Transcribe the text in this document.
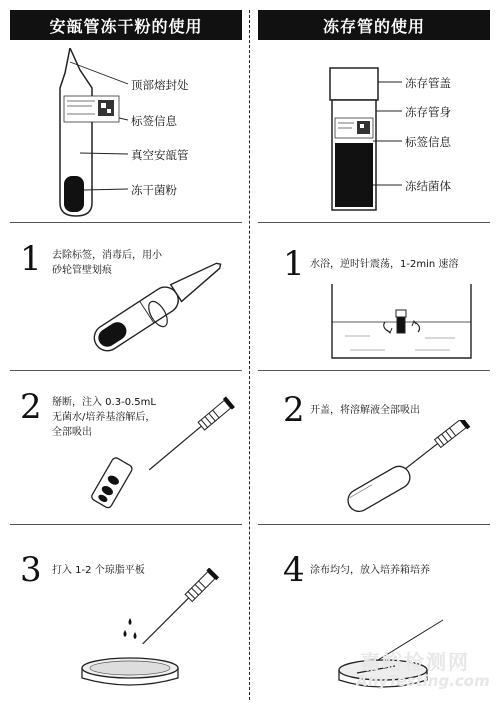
安瓿管冻干粉的使用	冻存管的使用
顶部熔封处
标签信息
真空安瓿管
冻干菌粉
冻存管盖
冻存管身
标签信息
冻结菌体
1 去除标签，消毒后，用小
砂轮管壁划痕	1 水浴，逆时针震荡，1-2min 速溶
2 掰断，注入 0.3-0.5mL
无菌水/培养基溶解后，
全部吸出
2 开盖，将溶解液全部吸出
3 打入 1-2 个琼脂平板	4 涂布均匀，放入培养箱培养
嘉峪检测网
AnyTesting.com
